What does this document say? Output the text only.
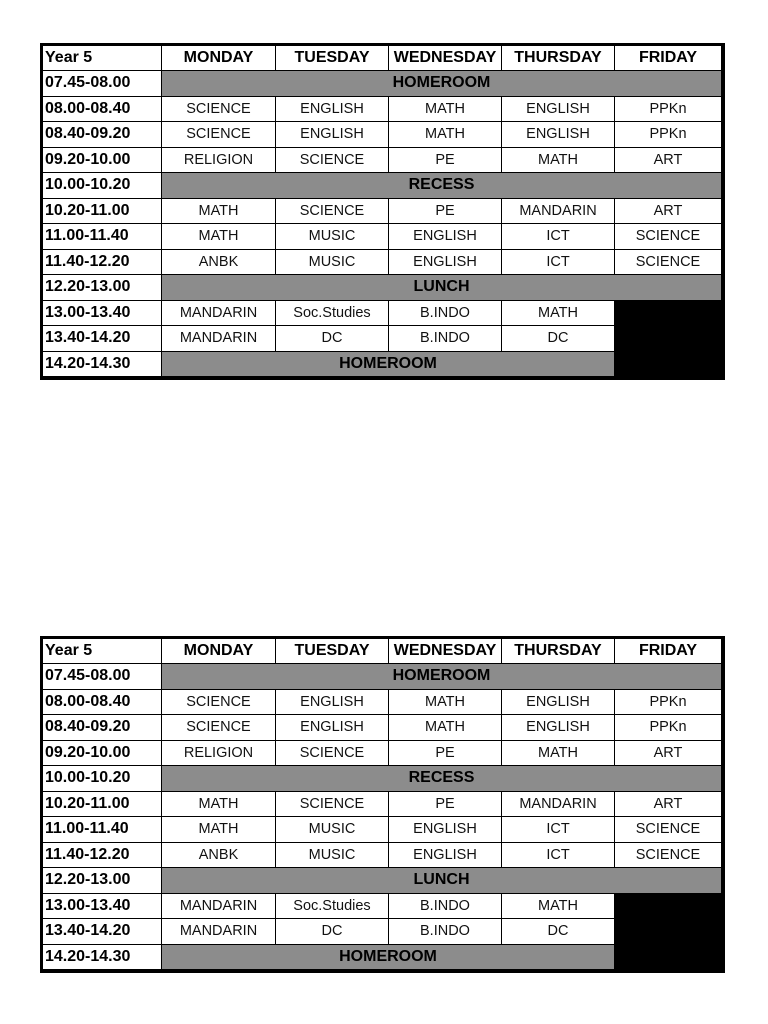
Year 5	MONDAY	TUESDAY	WEDNESDAY	THURSDAY	FRIDAY
07.45-08.00	HOMEROOM
08.00-08.40	SCIENCE	ENGLISH	MATH	ENGLISH	PPKn
08.40-09.20	SCIENCE	ENGLISH	MATH	ENGLISH	PPKn
09.20-10.00	RELIGION	SCIENCE	PE	MATH	ART
10.00-10.20	RECESS
10.20-11.00	MATH	SCIENCE	PE	MANDARIN	ART
11.00-11.40	MATH	MUSIC	ENGLISH	ICT	SCIENCE
11.40-12.20	ANBK	MUSIC	ENGLISH	ICT	SCIENCE
12.20-13.00	LUNCH
13.00-13.40	MANDARIN	Soc.Studies	B.INDO	MATH
13.40-14.20	MANDARIN	DC	B.INDO	DC
14.20-14.30	HOMEROOM
Year 5	MONDAY	TUESDAY	WEDNESDAY	THURSDAY	FRIDAY
07.45-08.00	HOMEROOM
08.00-08.40	SCIENCE	ENGLISH	MATH	ENGLISH	PPKn
08.40-09.20	SCIENCE	ENGLISH	MATH	ENGLISH	PPKn
09.20-10.00	RELIGION	SCIENCE	PE	MATH	ART
10.00-10.20	RECESS
10.20-11.00	MATH	SCIENCE	PE	MANDARIN	ART
11.00-11.40	MATH	MUSIC	ENGLISH	ICT	SCIENCE
11.40-12.20	ANBK	MUSIC	ENGLISH	ICT	SCIENCE
12.20-13.00	LUNCH
13.00-13.40	MANDARIN	Soc.Studies	B.INDO	MATH
13.40-14.20	MANDARIN	DC	B.INDO	DC
14.20-14.30	HOMEROOM
